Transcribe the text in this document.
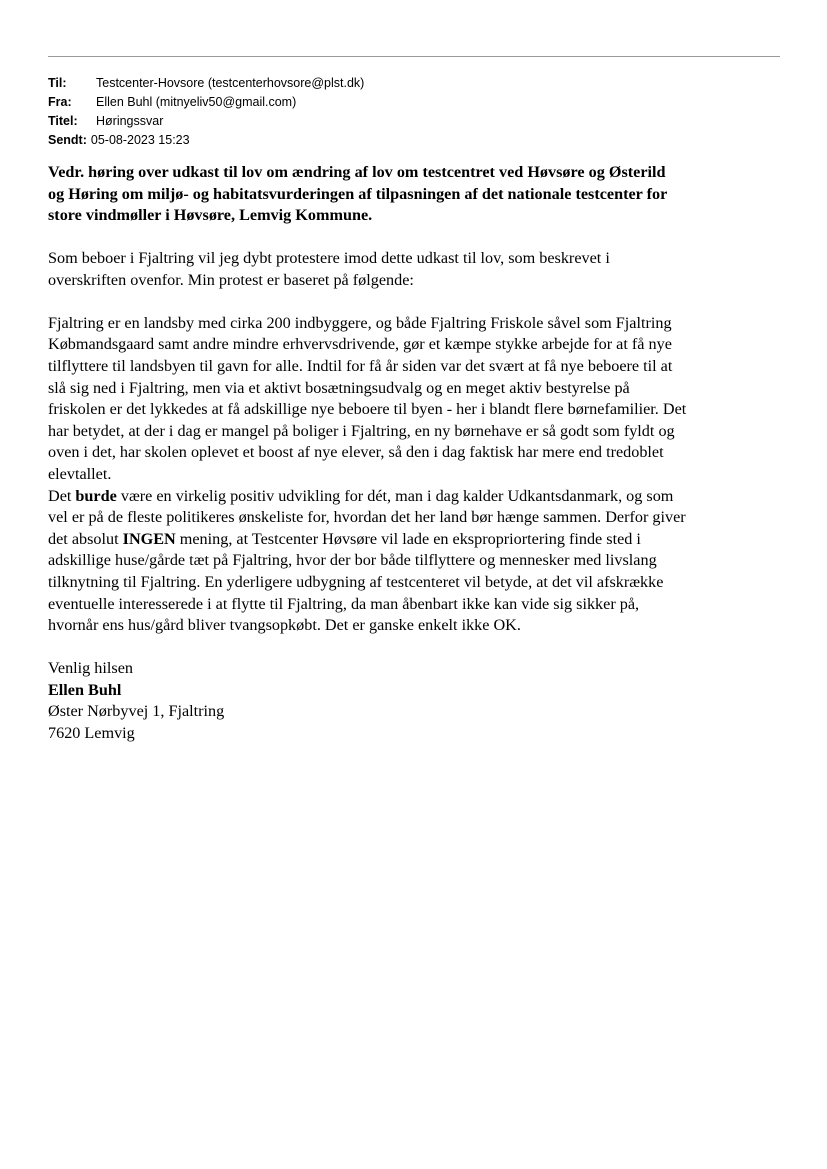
Til:	Testcenter-Hovsore (testcenterhovsore@plst.dk)
Fra:	Ellen Buhl (mitnyeliv50@gmail.com)
Titel:	Høringssvar
Sendt: 05-08-2023 15:23
Vedr. høring over udkast til lov om ændring af lov om testcentret ved Høvsøre og Østerild
og Høring om miljø- og habitatsvurderingen af tilpasningen af det nationale testcenter for
store vindmøller i Høvsøre, Lemvig Kommune.

Som beboer i Fjaltring vil jeg dybt protestere imod dette udkast til lov, som beskrevet i
overskriften ovenfor. Min protest er baseret på følgende:

Fjaltring er en landsby med cirka 200 indbyggere, og både Fjaltring Friskole såvel som Fjaltring
Købmandsgaard samt andre mindre erhvervsdrivende, gør et kæmpe stykke arbejde for at få nye
tilflyttere til landsbyen til gavn for alle. Indtil for få år siden var det svært at få nye beboere til at
slå sig ned i Fjaltring, men via et aktivt bosætningsudvalg og en meget aktiv bestyrelse på
friskolen er det lykkedes at få adskillige nye beboere til byen - her i blandt flere børnefamilier. Det
har betydet, at der i dag er mangel på boliger i Fjaltring, en ny børnehave er så godt som fyldt og
oven i det, har skolen oplevet et boost af nye elever, så den i dag faktisk har mere end tredoblet
elevtallet.

Det burde være en virkelig positiv udvikling for dét, man i dag kalder Udkantsdanmark, og som
vel er på de fleste politikeres ønskeliste for, hvordan det her land bør hænge sammen. Derfor giver
det absolut INGEN mening, at Testcenter Høvsøre vil lade en ekspropriortering finde sted i
adskillige huse/gårde tæt på Fjaltring, hvor der bor både tilflyttere og mennesker med livslang
tilknytning til Fjaltring. En yderligere udbygning af testcenteret vil betyde, at det vil afskrække
eventuelle interesserede i at flytte til Fjaltring, da man åbenbart ikke kan vide sig sikker på,
hvornår ens hus/gård bliver tvangsopkøbt. Det er ganske enkelt ikke OK.

Venlig hilsen
Ellen Buhl
Øster Nørbyvej 1, Fjaltring
7620 Lemvig
